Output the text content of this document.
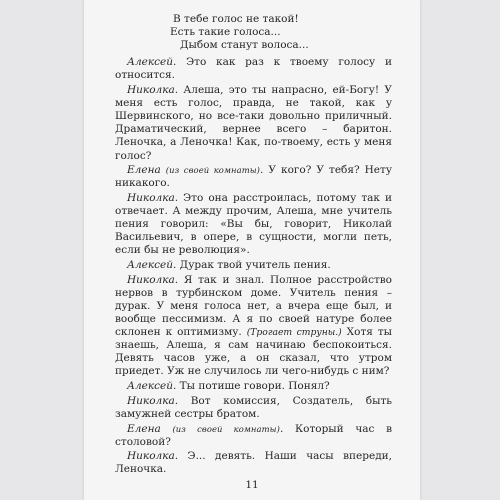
В тебе голос не такой!
Есть такие голоса...
Дыбом станут волоса...

Алексей. Это как раз к твоему голосу и относится.

Николка. Алеша, это ты напрасно, ей-Богу! У меня есть голос, правда, не такой, как у Шервинского, но все-таки довольно приличный. Драматический, вернее всего – баритон. Леночка, а Леночка! Как, по-твоему, есть у меня голос?

Елена (из своей комнаты). У кого? У тебя? Нету никакого.

Николка. Это она расстроилась, потому так и отвечает. А между прочим, Алеша, мне учитель пения говорил: «Вы бы, говорит, Николай Васильевич, в опере, в сущности, могли петь, если бы не революция».

Алексей. Дурак твой учитель пения.

Николка. Я так и знал. Полное расстройство нервов в турбинском доме. Учитель пения – дурак. У меня голоса нет, а вчера еще был, и вообще пессимизм. А я по своей натуре более склонен к оптимизму. (Трогает струны.) Хотя ты знаешь, Алеша, я сам начинаю беспокоиться. Девять часов уже, а он сказал, что утром приедет. Уж не случилось ли чего-нибудь с ним?

Алексей. Ты потише говори. Понял?

Николка. Вот комиссия, Создатель, быть замужней сестры братом.

Елена (из своей комнаты). Который час в столовой?

Николка. Э... девять. Наши часы впереди, Леночка.

11
